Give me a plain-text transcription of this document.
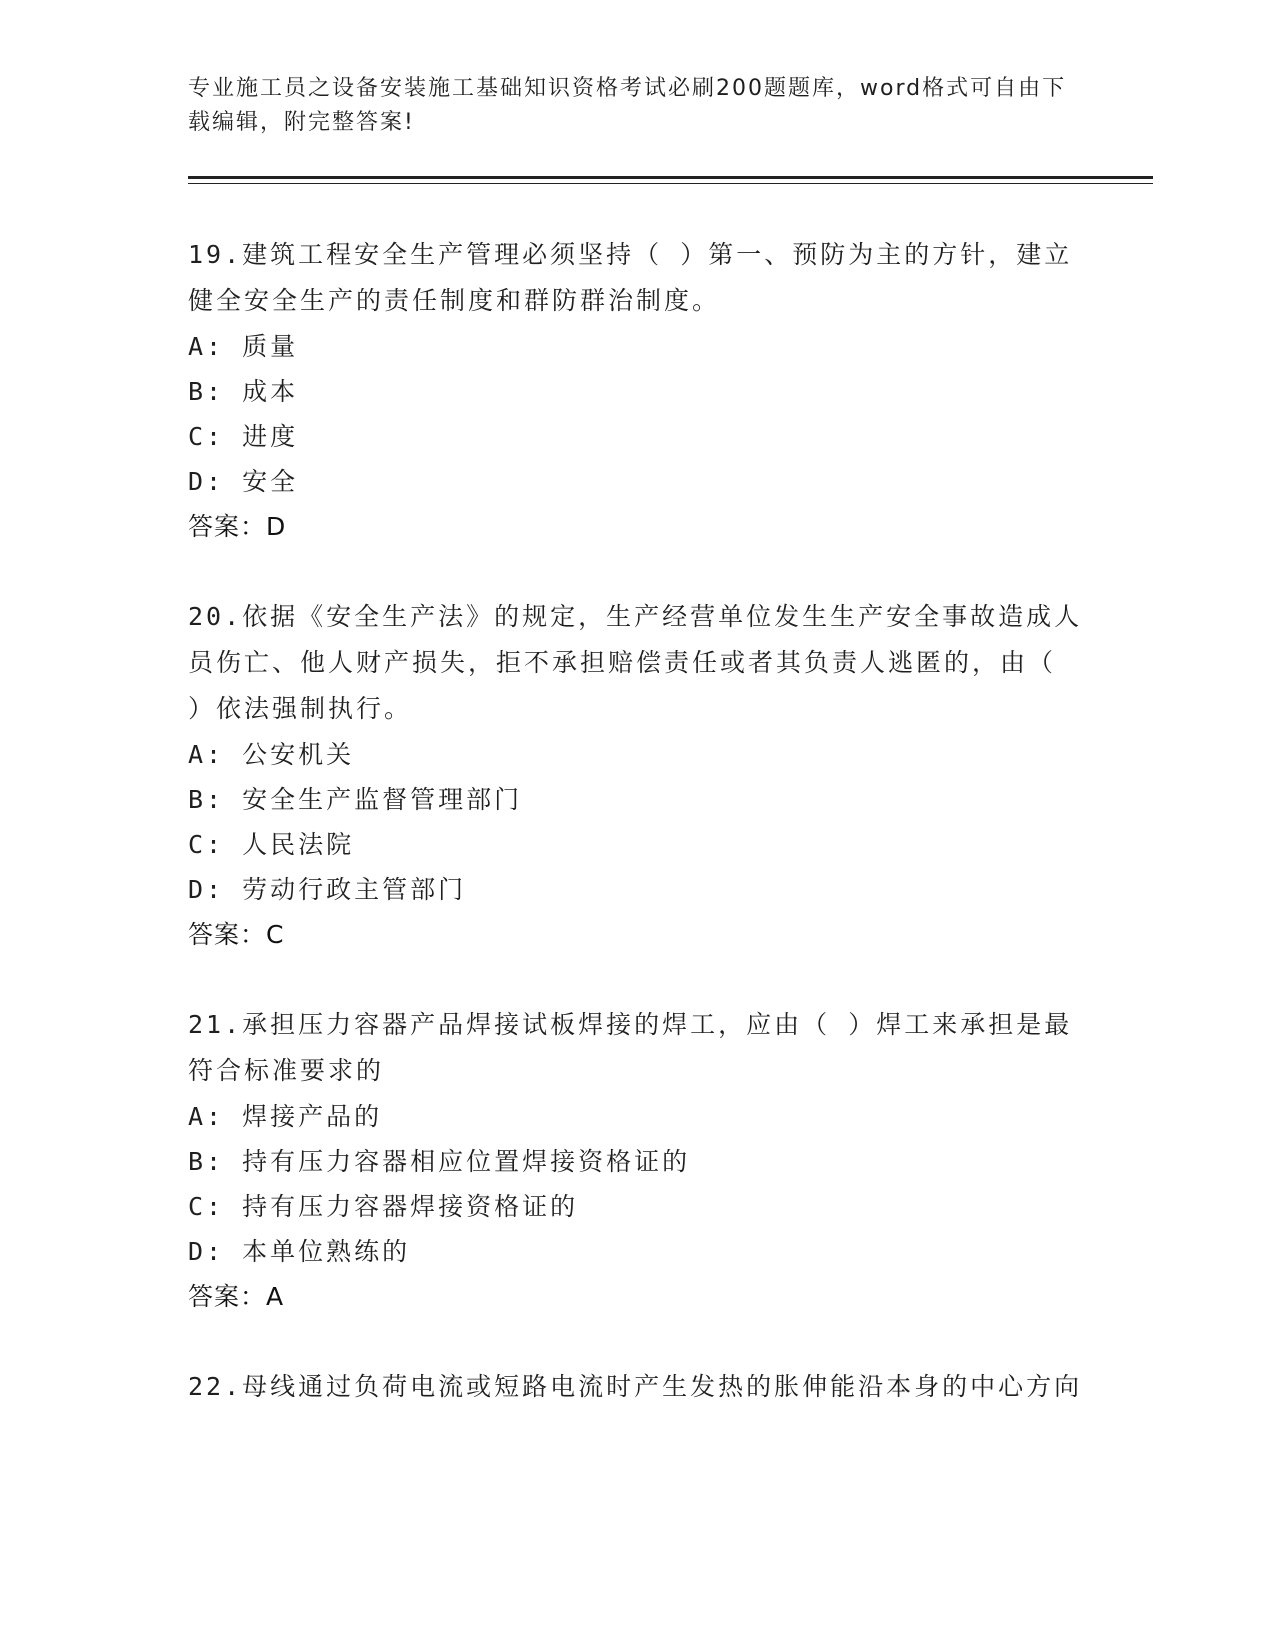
专业施工员之设备安装施工基础知识资格考试必刷200题题库，word格式可自由下载编辑，附完整答案!
19.建筑工程安全生产管理必须坚持（ ）第一、预防为主的方针，建立健全安全生产的责任制度和群防群治制度。
A: 质量
B: 成本
C: 进度
D: 安全
答案：D
20.依据《安全生产法》的规定，生产经营单位发生生产安全事故造成人员伤亡、他人财产损失，拒不承担赔偿责任或者其负责人逃匿的，由（ ）依法强制执行。
A: 公安机关
B: 安全生产监督管理部门
C: 人民法院
D: 劳动行政主管部门
答案：C
21.承担压力容器产品焊接试板焊接的焊工，应由（ ）焊工来承担是最符合标准要求的
A: 焊接产品的
B: 持有压力容器相应位置焊接资格证的
C: 持有压力容器焊接资格证的
D: 本单位熟练的
答案：A
22.母线通过负荷电流或短路电流时产生发热的胀伸能沿本身的中心方向
